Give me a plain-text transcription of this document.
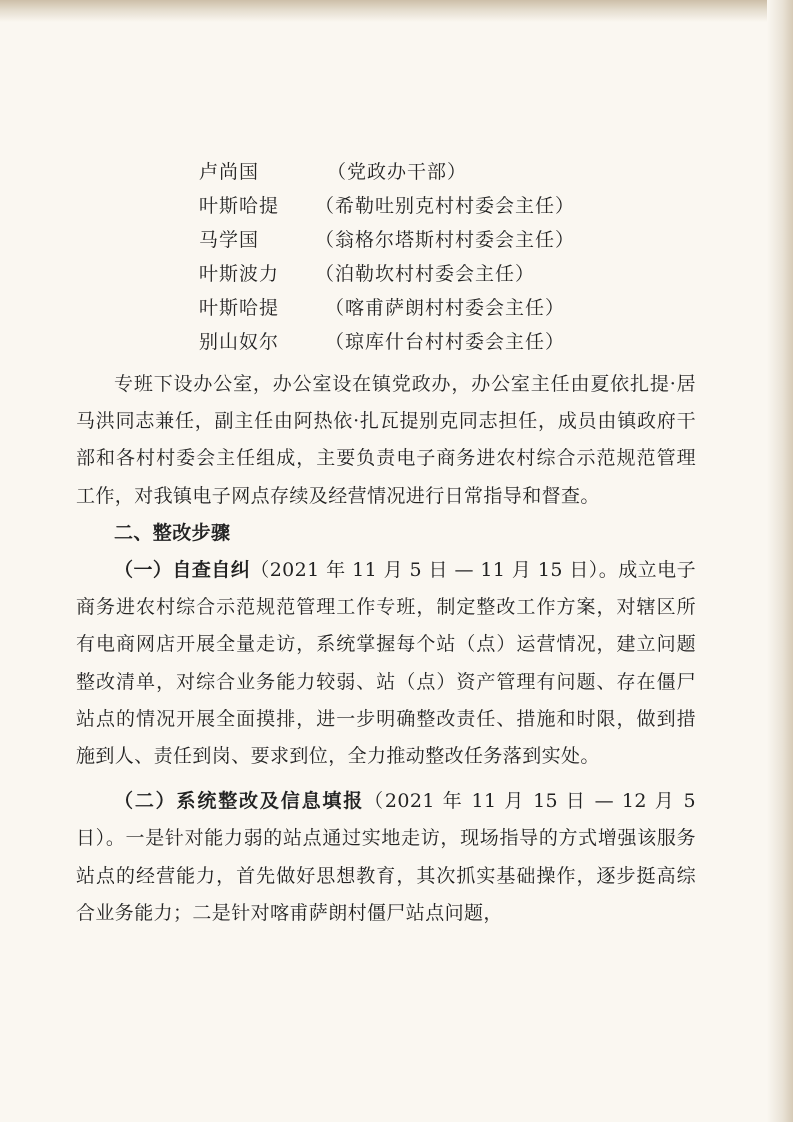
卢尚国	（党政办干部）
叶斯哈提 （希勒吐别克村村委会主任）
马学国	（翁格尔塔斯村村委会主任）
叶斯波力 （泊勒坎村村委会主任）
叶斯哈提 （喀甫萨朗村村委会主任）
别山奴尔 （琼库什台村村委会主任）

专班下设办公室，办公室设在镇党政办，办公室主任由夏依扎提·居马洪同志兼任，副主任由阿热依·扎瓦提别克同志担任，成员由镇政府干部和各村村委会主任组成，主要负责电子商务进农村综合示范规范管理工作，对我镇电子网点存续及经营情况进行日常指导和督查。

二、整改步骤

（一）自查自纠（2021 年 11 月 5 日 — 11 月 15 日）。成立电子商务进农村综合示范规范管理工作专班，制定整改工作方案，对辖区所有电商网店开展全量走访，系统掌握每个站（点）运营情况，建立问题整改清单，对综合业务能力较弱、站（点）资产管理有问题、存在僵尸站点的情况开展全面摸排，进一步明确整改责任、措施和时限，做到措施到人、责任到岗、要求到位，全力推动整改任务落到实处。

（二）系统整改及信息填报（2021 年 11 月 15 日 — 12 月 5 日）。一是针对能力弱的站点通过实地走访，现场指导的方式增强该服务站点的经营能力，首先做好思想教育，其次抓实基础操作，逐步挺高综合业务能力；二是针对喀甫萨朗村僵尸站点问题，
